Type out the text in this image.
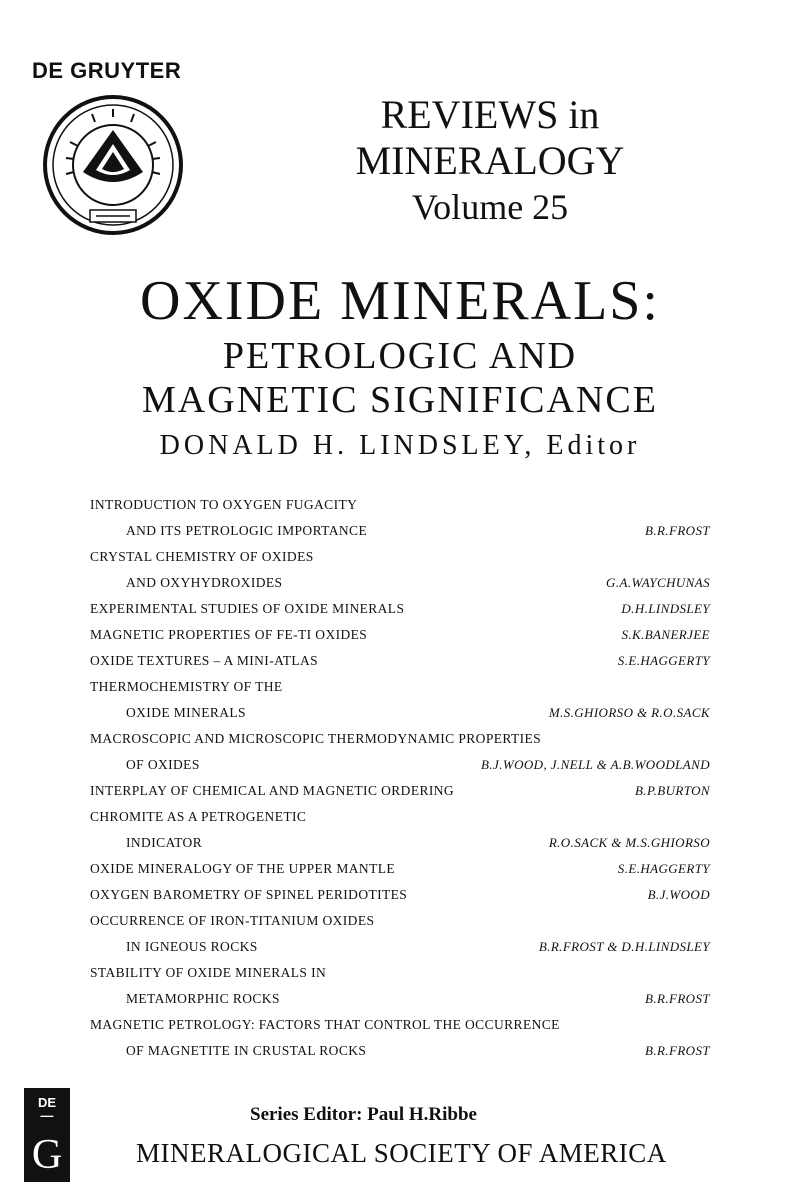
DE GRUYTER
REVIEWS in
MINERALOGY
Volume 25
OXIDE MINERALS:
PETROLOGIC AND
MAGNETIC SIGNIFICANCE
DONALD H. LINDSLEY, Editor
INTRODUCTION TO OXYGEN FUGACITY
AND ITS PETROLOGIC IMPORTANCE	B.R.FROST
CRYSTAL CHEMISTRY OF OXIDES
AND OXYHYDROXIDES	G.A.WAYCHUNAS
EXPERIMENTAL STUDIES OF OXIDE MINERALS	D.H.LINDSLEY
MAGNETIC PROPERTIES OF FE-TI OXIDES	S.K.BANERJEE
OXIDE TEXTURES – A MINI-ATLAS	S.E.HAGGERTY
THERMOCHEMISTRY OF THE
OXIDE MINERALS	M.S.GHIORSO & R.O.SACK
MACROSCOPIC AND MICROSCOPIC THERMODYNAMIC PROPERTIES
OF OXIDES	B.J.WOOD, J.NELL & A.B.WOODLAND
INTERPLAY OF CHEMICAL AND MAGNETIC ORDERING	B.P.BURTON
CHROMITE AS A PETROGENETIC
INDICATOR	R.O.SACK & M.S.GHIORSO
OXIDE MINERALOGY OF THE UPPER MANTLE	S.E.HAGGERTY
OXYGEN BAROMETRY OF SPINEL PERIDOTITES	B.J.WOOD
OCCURRENCE OF IRON-TITANIUM OXIDES
IN IGNEOUS ROCKS	B.R.FROST & D.H.LINDSLEY
STABILITY OF OXIDE MINERALS IN
METAMORPHIC ROCKS	B.R.FROST
MAGNETIC PETROLOGY: FACTORS THAT CONTROL THE OCCURRENCE
OF MAGNETITE IN CRUSTAL ROCKS	B.R.FROST
DE
—
G
Series Editor: Paul H.Ribbe
MINERALOGICAL SOCIETY OF AMERICA
